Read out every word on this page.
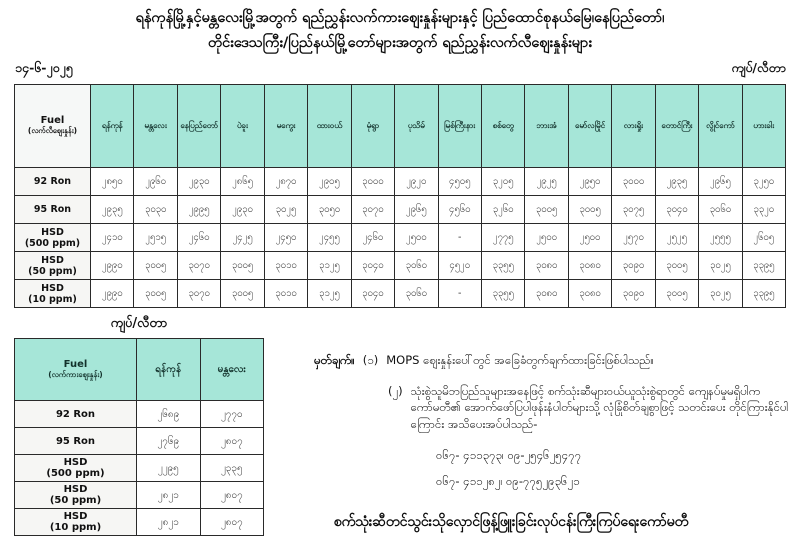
ရန်ကုန်မြို့နှင့်မန္တလေးမြို့အတွက် ရည်ညွှန်းလက်ကားဈေးနှုန်းများနှင့် ပြည်ထောင်စုနယ်မြေ၊နေပြည်တော်၊
တိုင်းဒေသကြီး/ပြည်နယ်မြို့တော်များအတွက် ရည်ညွှန်းလက်လီဈေးနှုန်းများ
၁၄-၆-၂၀၂၅	ကျပ်/လီတာ
Fuel
(လက်လီဈေးနှုန်း)	ရန်ကုန်	မန္တလေး	နေပြည်တော်	ပဲခူး	မကွေး	ထားဝယ်	မုံရွာ	ပုသိမ်	မြစ်ကြီးနား	စစ်တွေ	ဘားအံ	မော်လမြိုင်	လားရှိုး	တောင်ကြီး	လွိုင်ကော်	ဟားခါး

92 Ron	၂၈၅၀	၂၉၆၀	၂၉၃၀	၂၈၆၅	၂၈၇၀	၂၉၀၅	၃၀၀၀	၂၉၂၀	၄၅၀၅	၃၂၀၅	၂၉၂၅	၂၉၅၀	၃၀၀၀	၂၉၃၅	၂၉၆၅	၃၂၅၀

95 Ron	၂၉၃၅	၃၀၃၀	၂၉၉၅	၂၉၃၀	၃၀၂၅	၃၀၅၀	၃၀၇၀	၂၉၆၅	၄၅၆၀	၃၂၆၀	၃၀၀၅	၃၀၀၅	၃၀၇၅	၃၀၄၀	၃၀၆၀	၃၃၂၀

HSD
(500 ppm)	၂၄၁၀	၂၅၁၅	၂၄၆၀	၂၄၂၅	၂၄၅၀	၂၄၅၅	၂၄၆၀	၂၅၀၀	-	၂၇၇၅	၂၅၀၀	၂၅၀၀	၂၅၇၀	၂၅၂၅	၂၅၅၅	၂၆၀၅

HSD
(50 ppm)	၂၉၉၀	၃၀၀၅	၃၀၇၀	၃၀၀၅	၃၀၁၀	၃၁၂၅	၃၀၄၀	၃၀၆၀	၄၅၂၀	၃၃၅၅	၃၀၈၀	၃၀၈၀	၃၀၉၀	၃၀၀၅	၃၀၂၅	၃၃၉၅

HSD
(10 ppm)	၂၉၉၀	၃၀၀၅	၃၀၇၀	၃၀၀၅	၃၀၁၀	၃၁၂၅	၃၀၄၀	၃၀၆၀	-	၃၃၅၅	၃၀၈၀	၃၀၈၀	၃၀၉၀	၃၀၀၅	၃၀၂၅	၃၃၉၅
ကျပ်/လီတာ
Fuel
(လက်ကားဈေးနှုန်း)	ရန်ကုန်	မန္တလေး

92 Ron	၂၆၈၉	၂၇၇၀

95 Ron	၂၇၆၉	၂၈၀၇

HSD
(500 ppm)	၂၂၉၅	၂၃၃၅

HSD
(50 ppm)	၂၈၂၁	၂၈၀၇

HSD
(10 ppm)	၂၈၂၁	၂၈၀၇
မှတ်ချက်။ (၁) MOPS ဈေးနှုန်းပေါ်တွင် အခြေခံတွက်ချက်ထားခြင်းဖြစ်ပါသည်။
(၂) သုံးစွဲသူမိဘပြည်သူများအနေဖြင့် စက်သုံးဆီများဝယ်ယူသုံးစွဲရာတွင် ကျေနပ်မှုမရှိပါက ကော်မတီ၏ အောက်ဖော်ပြပါဖုန်းနံပါတ်များသို့ လုံခြုံစိတ်ချစွာဖြင့် သတင်းပေး တိုင်ကြားနိုင်ပါကြောင်း အသိပေးအပ်ပါသည်-
၀၆၇- ၄၁၁၃၇၃၊ ၀၉-၂၅၄၆၂၅၄၇၇
၀၆၇- ၄၁၁၂၈၂၊ ၀၉-၇၇၅၂၉၃၆၂၁
စက်သုံးဆီတင်သွင်းသိုလှောင်ဖြန့်ဖြူးခြင်းလုပ်ငန်းကြီးကြပ်ရေးကော်မတီ
